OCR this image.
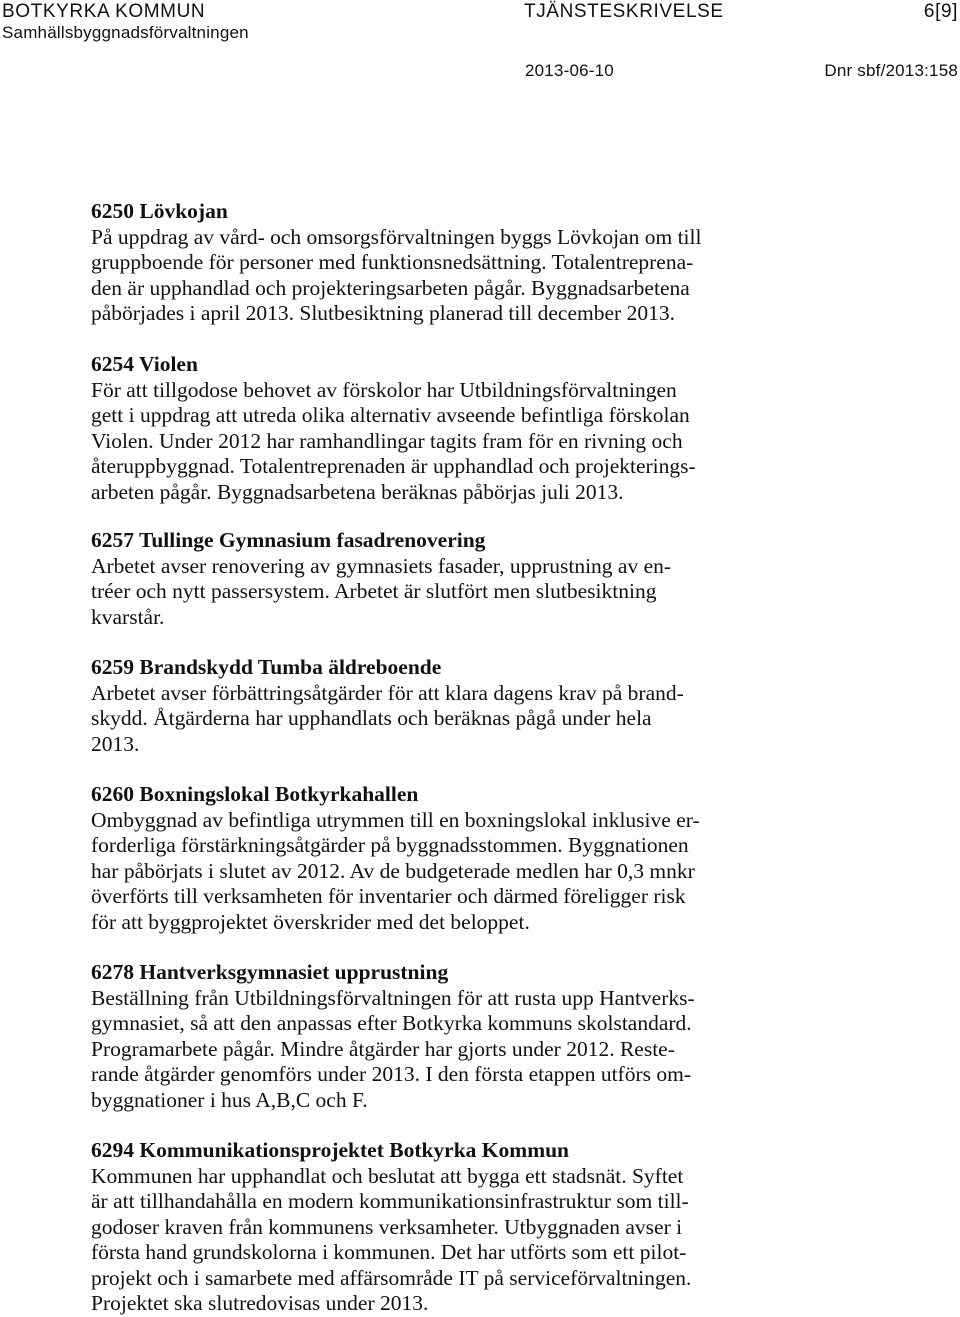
BOTKYRKA KOMMUN	TJÄNSTESKRIVELSE	6[9]
Samhällsbyggnadsförvaltningen
2013-06-10	Dnr sbf/2013:158
6250 Lövkojan
På uppdrag av vård- och omsorgsförvaltningen byggs Lövkojan om till
gruppboende för personer med funktionsnedsättning. Totalentreprena-
den är upphandlad och projekteringsarbeten pågår. Byggnadsarbetena
påbörjades i april 2013. Slutbesiktning planerad till december 2013.
6254 Violen
För att tillgodose behovet av förskolor har Utbildningsförvaltningen
gett i uppdrag att utreda olika alternativ avseende befintliga förskolan
Violen. Under 2012 har ramhandlingar tagits fram för en rivning och
återuppbyggnad. Totalentreprenaden är upphandlad och projekterings-
arbeten pågår. Byggnadsarbetena beräknas påbörjas juli 2013.
6257 Tullinge Gymnasium fasadrenovering
Arbetet avser renovering av gymnasiets fasader, upprustning av en-
tréer och nytt passersystem. Arbetet är slutfört men slutbesiktning
kvarstår.
6259 Brandskydd Tumba äldreboende
Arbetet avser förbättringsåtgärder för att klara dagens krav på brand-
skydd. Åtgärderna har upphandlats och beräknas pågå under hela
2013.
6260 Boxningslokal Botkyrkahallen
Ombyggnad av befintliga utrymmen till en boxningslokal inklusive er-
forderliga förstärkningsåtgärder på byggnadsstommen. Byggnationen
har påbörjats i slutet av 2012. Av de budgeterade medlen har 0,3 mnkr
överförts till verksamheten för inventarier och därmed föreligger risk
för att byggprojektet överskrider med det beloppet.
6278 Hantverksgymnasiet upprustning
Beställning från Utbildningsförvaltningen för att rusta upp Hantverks-
gymnasiet, så att den anpassas efter Botkyrka kommuns skolstandard.
Programarbete pågår. Mindre åtgärder har gjorts under 2012. Reste-
rande åtgärder genomförs under 2013. I den första etappen utförs om-
byggnationer i hus A,B,C och F.
6294 Kommunikationsprojektet Botkyrka Kommun
Kommunen har upphandlat och beslutat att bygga ett stadsnät. Syftet
är att tillhandahålla en modern kommunikationsinfrastruktur som till-
godoser kraven från kommunens verksamheter. Utbyggnaden avser i
första hand grundskolorna i kommunen. Det har utförts som ett pilot-
projekt och i samarbete med affärsområde IT på serviceförvaltningen.
Projektet ska slutredovisas under 2013.
